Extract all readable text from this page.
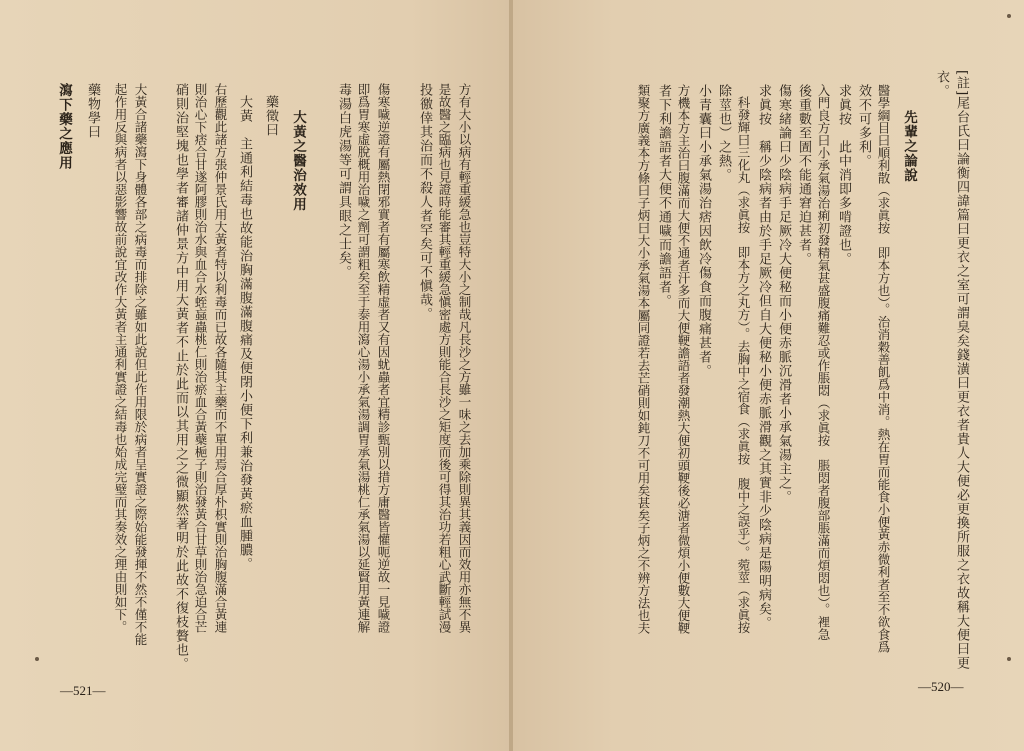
方有大小以病有輕重緩急也豈特大小之制哉凡長沙之方雖一味之去加乘除則異其義因而效用亦無不異
是故醫之臨病也見證時能審其輕重緩急愼密處方則能合長沙之矩度而後可得其治功若粗心武斷輕試漫
投徼倖其治而不殺人者罕矣可不愼哉。
傷寒噦逆證有屬熱閉邪實者有屬寒飲精虛者又有因蚘蟲者宜精診甄別以措方庸醫皆懽呃逆故一見噦證
即爲胃寒虛脫概用治噦之劑可謂粗矣至于泰用瀉心湯小承氣湯調胃承氣湯桃仁承氣湯以延賢用黃連解
毒湯白虎湯等可謂具眼之士矣。
大黃之醫治效用
藥徵曰
大黃　主通利結毒也故能治胸滿腹滿腹痛及便閉小便下利兼治發黃瘀血腫膿。
右歷觀此諸方張仲景氏用大黃者特以利毒而已故各隨其主藥而不單用焉合厚朴枳實則治胸腹滿合黃連
則治心下痞合甘遂阿膠則治水與血合水蛭蝱蟲桃仁則治瘀血合黃蘗梔子則治發黃合甘草則治急迫合芒
硝則治堅塊也學者審諸仲景方中用大黃者不止於此而以其用之之微顯然著明於此故不復枝贅也。
大黃合諸藥瀉下身體各部之病毒而排除之雖如此說但此作用限於病者呈實證之際始能發揮不然不僅不能
起作用反與病者以惡影響故前說宜改作大黃者主通利實證之結毒也始成完璧而其奏效之理由則如下。
藥物學曰
瀉下藥之應用
—521—
[註]尾台氏曰論衡四諱篇曰更衣之室可謂臭矣錢潢曰更衣者貴人大便必更換所服之衣故稱大便曰更
衣。
先輩之論說
醫學綱目曰順利散（求眞按　即本方也）。治消穀善飢爲中消。熱在胃而能食小便黃赤微利者至不欲食爲
效不可多利。
求眞按　此中消即多啃證也。
入門良方曰小承氣湯治痢初發精氣甚盛腹痛難忍或作脹悶（求眞按　脹悶者腹部脹滿而煩悶也）。裡急
後重數至圊不能通窘迫甚者。
傷寒緒論曰少陰病手足厥冷大便秘而小便赤脈沉滑者小承氣湯主之。
求眞按　稱少陰病者由於手足厥冷但自大便秘小便赤脈滑觀之其實非少陰病是陽明病矣。
科發輝曰三化丸（求眞按　即本方之丸方）。去胸中之宿食（求眞按　腹中之誤乎）。菀莖（求眞按
除莖也）之熱。
小青囊曰小承氣湯治痞因飲冷傷食而腹痛甚者。
方機本方主治曰腹滿而大便不通者汗多而大便鞕譫語者發潮熱大便初頭鞕後必溏者微煩小便數大便鞕
者下利譫語者大便不通噦而譫語者。
類聚方廣義本方條曰子炳曰大小承氣湯本屬同證若去芒硝則如鈍刀不可用矣甚矣子炳之不辨方法也夫
—520—
